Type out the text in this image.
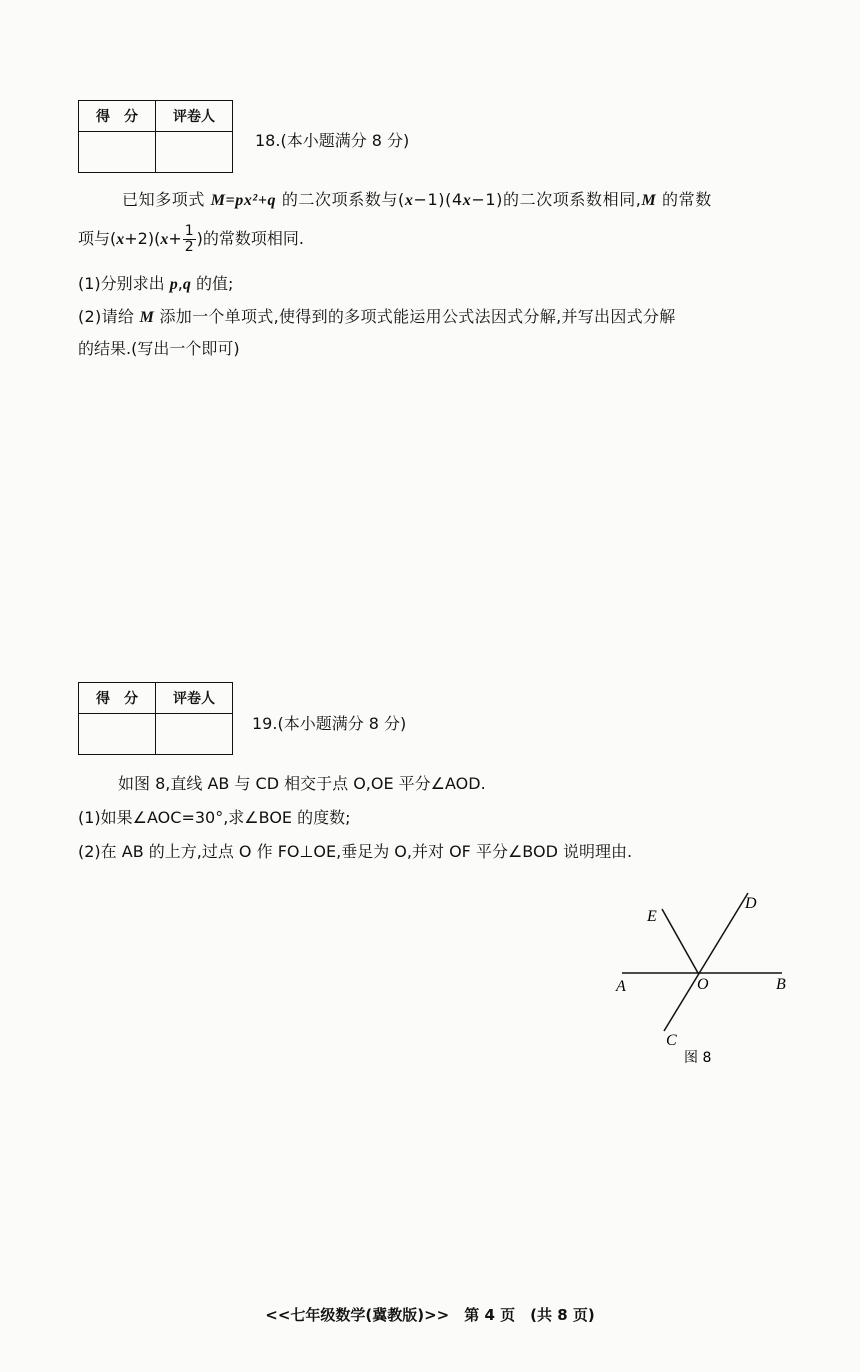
得　分	评卷人

18.(本小题满分 8 分)
已知多项式 M=px²+q 的二次项系数与(x−1)(4x−1)的二次项系数相同,M 的常数
项与$(x+2)(x+ \frac{1}{2}$ )的常数项相同.
(1)分别求出 p,q 的值;
(2)请给 M 添加一个单项式,使得到的多项式能运用公式法因式分解,并写出因式分解
的结果.(写出一个即可)
得　分	评卷人

19.(本小题满分 8 分)
如图 8,直线 AB 与 CD 相交于点 O,OE 平分∠AOD.
(1)如果∠AOC=30°,求∠BOE 的度数;
(2)在 AB 的上方,过点 O 作 FO⊥OE,垂足为 O,并对 OF 平分∠BOD 说明理由.
E
D
A	O	B
C
图 8
<<七年级数学(冀教版)>>　第 4 页　(共 8 页)
